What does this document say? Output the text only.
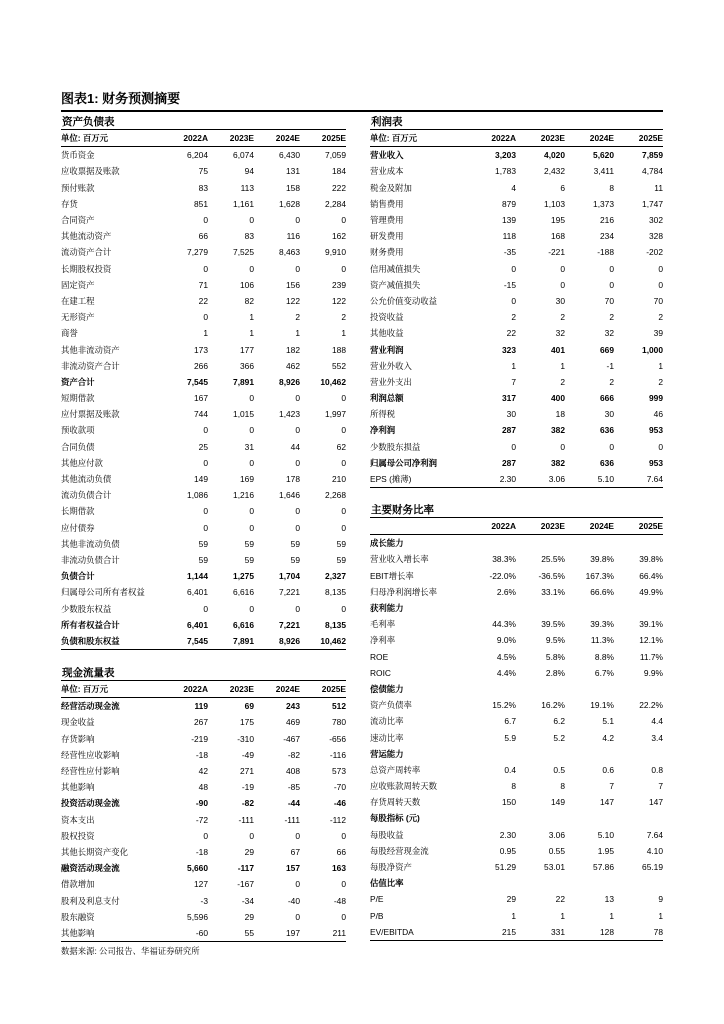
图表1: 财务预测摘要
资产负债表
单位: 百万元	2022A	2023E	2024E	2025E
货币资金	6,204	6,074	6,430	7,059
应收票据及账款	75	94	131	184
预付账款	83	113	158	222
存货	851	1,161	1,628	2,284
合同资产	0	0	0	0
其他流动资产	66	83	116	162
流动资产合计	7,279	7,525	8,463	9,910
长期股权投资	0	0	0	0
固定资产	71	106	156	239
在建工程	22	82	122	122
无形资产	0	1	2	2
商誉	1	1	1	1
其他非流动资产	173	177	182	188
非流动资产合计	266	366	462	552
资产合计	7,545	7,891	8,926	10,462
短期借款	167	0	0	0
应付票据及账款	744	1,015	1,423	1,997
预收款项	0	0	0	0
合同负债	25	31	44	62
其他应付款	0	0	0	0
其他流动负债	149	169	178	210
流动负债合计	1,086	1,216	1,646	2,268
长期借款	0	0	0	0
应付债券	0	0	0	0
其他非流动负债	59	59	59	59
非流动负债合计	59	59	59	59
负债合计	1,144	1,275	1,704	2,327
归属母公司所有者权益	6,401	6,616	7,221	8,135
少数股东权益	0	0	0	0
所有者权益合计	6,401	6,616	7,221	8,135
负债和股东权益	7,545	7,891	8,926	10,462
现金流量表
单位: 百万元	2022A	2023E	2024E	2025E
经营活动现金流	119	69	243	512
现金收益	267	175	469	780
存货影响	-219	-310	-467	-656
经营性应收影响	-18	-49	-82	-116
经营性应付影响	42	271	408	573
其他影响	48	-19	-85	-70
投资活动现金流	-90	-82	-44	-46
资本支出	-72	-111	-111	-112
股权投资	0	0	0	0
其他长期资产变化	-18	29	67	66
融资活动现金流	5,660	-117	157	163
借款增加	127	-167	0	0
股利及利息支付	-3	-34	-40	-48
股东融资	5,596	29	0	0
其他影响	-60	55	197	211
利润表
单位: 百万元	2022A	2023E	2024E	2025E
营业收入	3,203	4,020	5,620	7,859
营业成本	1,783	2,432	3,411	4,784
税金及附加	4	6	8	11
销售费用	879	1,103	1,373	1,747
管理费用	139	195	216	302
研发费用	118	168	234	328
财务费用	-35	-221	-188	-202
信用减值损失	0	0	0	0
资产减值损失	-15	0	0	0
公允价值变动收益	0	30	70	70
投资收益	2	2	2	2
其他收益	22	32	32	39
营业利润	323	401	669	1,000
营业外收入	1	1	-1	1
营业外支出	7	2	2	2
利润总额	317	400	666	999
所得税	30	18	30	46
净利润	287	382	636	953
少数股东损益	0	0	0	0
归属母公司净利润	287	382	636	953
EPS (摊薄)	2.30	3.06	5.10	7.64
主要财务比率
	2022A	2023E	2024E	2025E
成长能力				
营业收入增长率	38.3%	25.5%	39.8%	39.8%
EBIT增长率	-22.0%	-36.5%	167.3%	66.4%
归母净利润增长率	2.6%	33.1%	66.6%	49.9%
获利能力				
毛利率	44.3%	39.5%	39.3%	39.1%
净利率	9.0%	9.5%	11.3%	12.1%
ROE	4.5%	5.8%	8.8%	11.7%
ROIC	4.4%	2.8%	6.7%	9.9%
偿债能力				
资产负债率	15.2%	16.2%	19.1%	22.2%
流动比率	6.7	6.2	5.1	4.4
速动比率	5.9	5.2	4.2	3.4
营运能力				
总资产周转率	0.4	0.5	0.6	0.8
应收账款周转天数	8	8	7	7
存货周转天数	150	149	147	147
每股指标 (元)				
每股收益	2.30	3.06	5.10	7.64
每股经营现金流	0.95	0.55	1.95	4.10
每股净资产	51.29	53.01	57.86	65.19
估值比率				
P/E	29	22	13	9
P/B	1	1	1	1
EV/EBITDA	215	331	128	78
数据来源: 公司报告、华福证券研究所
